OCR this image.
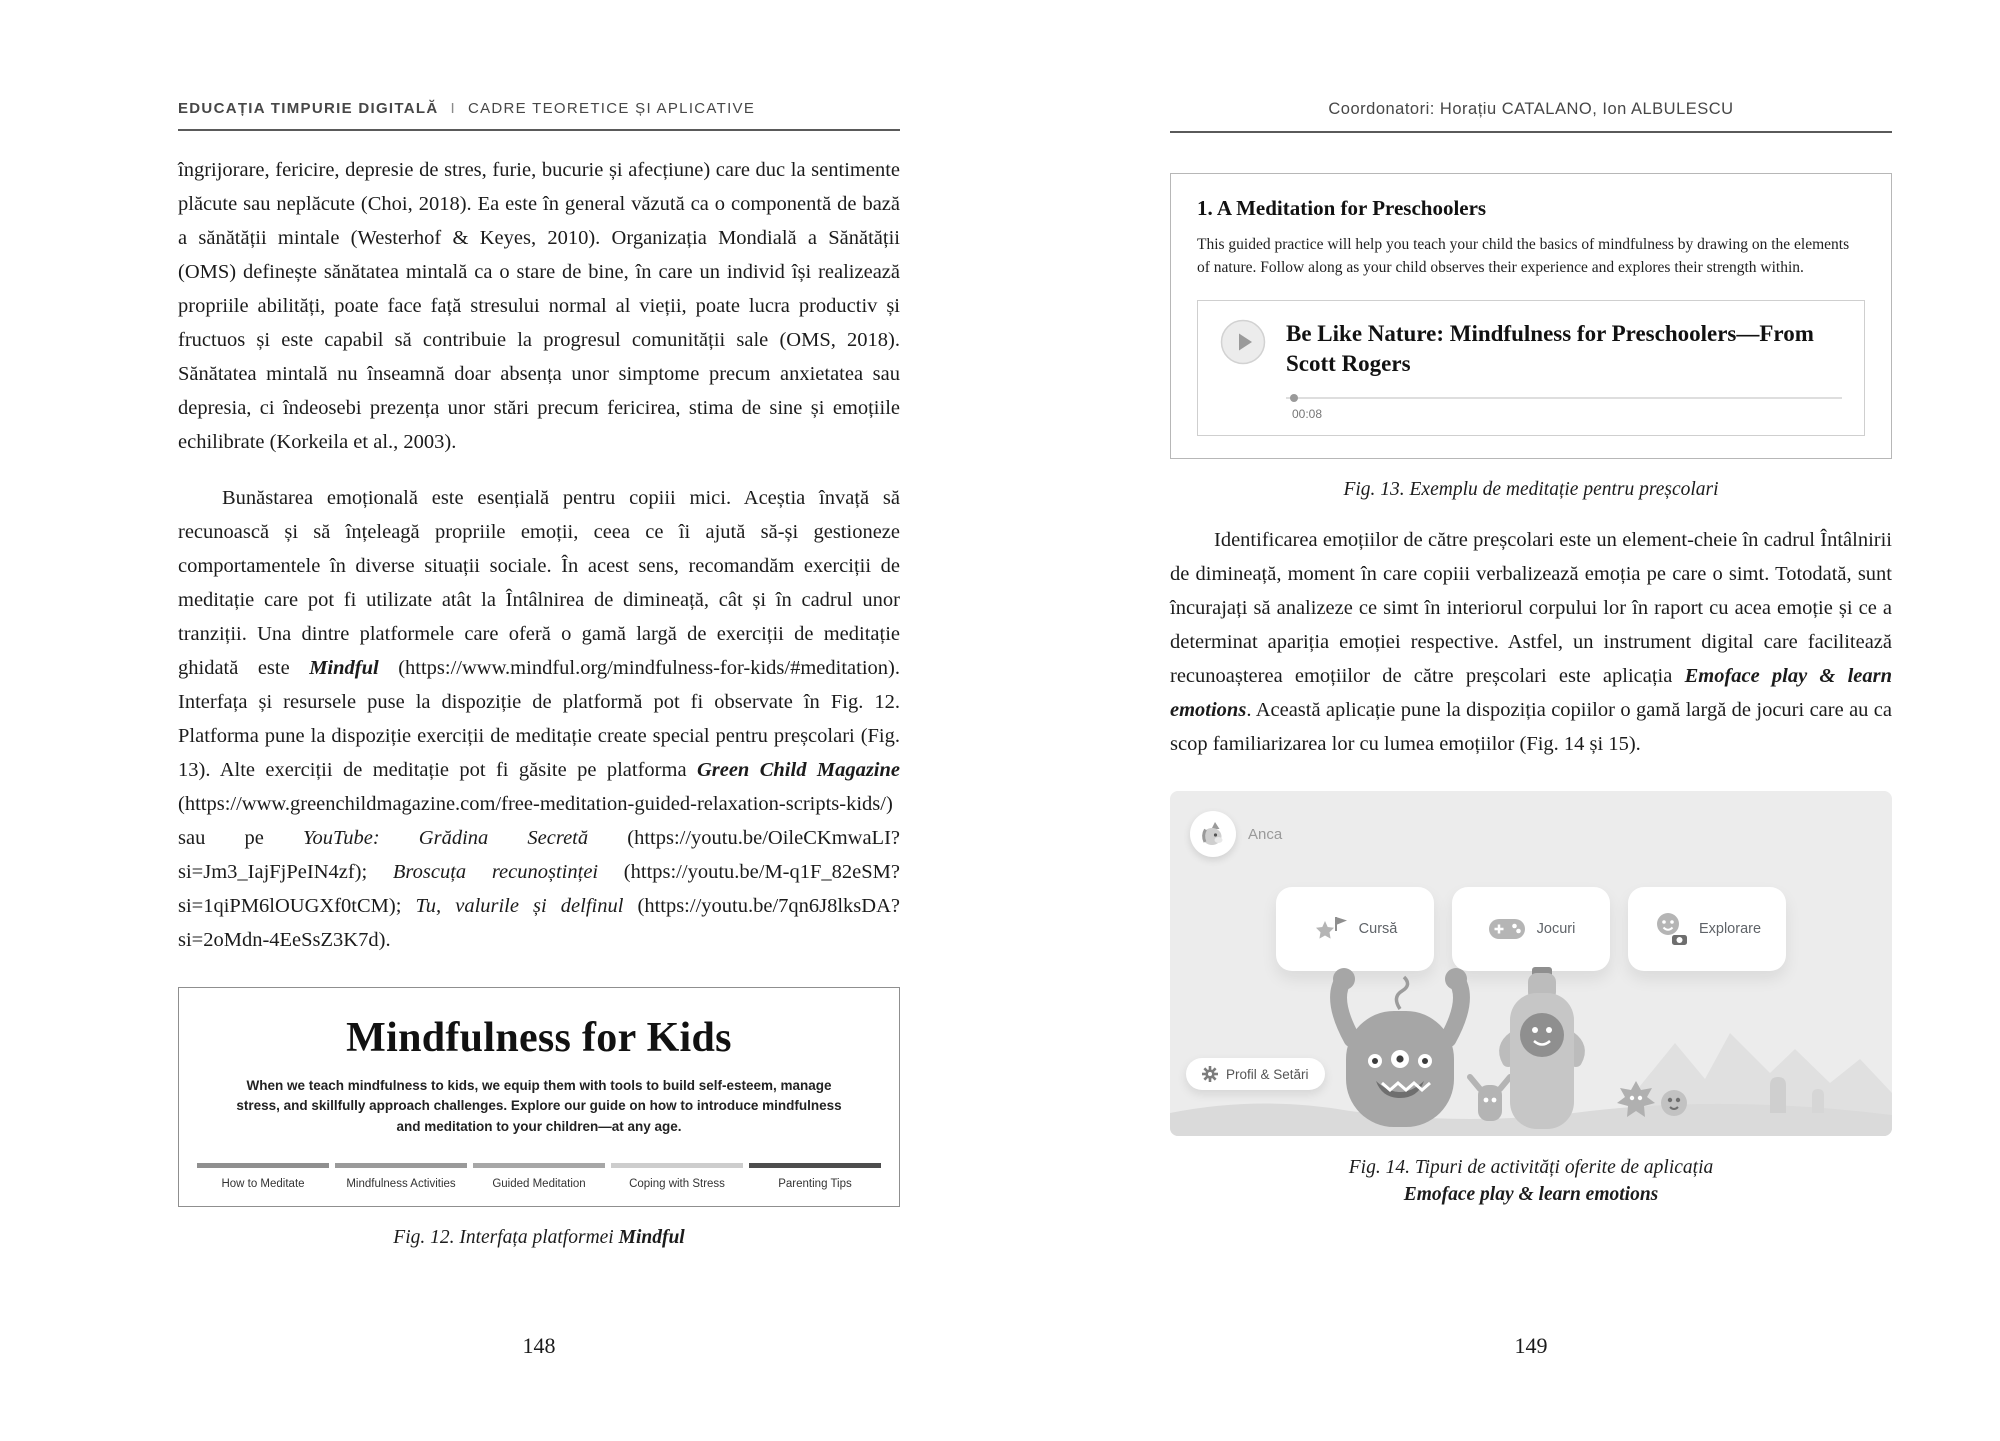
EDUCAȚIA TIMPURIE DIGITALĂ I CADRE TEORETICE ȘI APLICATIVE

îngrijorare, fericire, depresie de stres, furie, bucurie și afecțiune) care duc la sentimente plăcute sau neplăcute (Choi, 2018). Ea este în general văzută ca o componentă de bază a sănătății mintale (Westerhof & Keyes, 2010). Organizația Mondială a Sănătății (OMS) definește sănătatea mintală ca o stare de bine, în care un individ își realizează propriile abilități, poate face față stresului normal al vieții, poate lucra productiv și fructuos și este capabil să contribuie la progresul comunității sale (OMS, 2018). Sănătatea mintală nu înseamnă doar absența unor simptome precum anxietatea sau depresia, ci îndeosebi prezența unor stări precum fericirea, stima de sine și emoțiile echilibrate (Korkeila et al., 2003).

Bunăstarea emoțională este esențială pentru copiii mici. Aceștia învață să recunoască și să înțeleagă propriile emoții, ceea ce îi ajută să-și gestioneze comportamentele în diverse situații sociale. În acest sens, recomandăm exerciții de meditație care pot fi utilizate atât la Întâlnirea de dimineață, cât și în cadrul unor tranziții. Una dintre platformele care oferă o gamă largă de exerciții de meditație ghidată este Mindful (https://www.mindful.org/mindfulness-for-kids/#meditation). Interfața și resursele puse la dispoziție de platformă pot fi observate în Fig. 12. Platforma pune la dispoziție exerciții de meditație create special pentru preșcolari (Fig. 13). Alte exerciții de meditație pot fi găsite pe platforma Green Child Magazine (https://www.greenchildmagazine.com/free-meditation-guided-relaxation-scripts-kids/) sau pe YouTube: Grădina Secretă (https://youtu.be/OileCKmwaLI?si=Jm3_IajFjPeIN4zf); Broscuța recunoștinței (https://youtu.be/M-q1F_82eSM?si=1qiPM6lOUGXf0tCM); Tu, valurile și delfinul (https://youtu.be/7qn6J8lksDA?si=2oMdn-4EeSsZ3K7d).

Mindfulness for Kids
When we teach mindfulness to kids, we equip them with tools to build self-esteem, manage stress, and skillfully approach challenges. Explore our guide on how to introduce mindfulness and meditation to your children—at any age.
How to Meditate	Mindfulness Activities	Guided Meditation	Coping with Stress	Parenting Tips
Fig. 12. Interfața platformei Mindful
148
Coordonatori: Horațiu CATALANO, Ion ALBULESCU
1. A Meditation for Preschoolers
This guided practice will help you teach your child the basics of mindfulness by drawing on the elements of nature. Follow along as your child observes their experience and explores their strength within.
Be Like Nature: Mindfulness for Preschoolers—From Scott Rogers
00:08
Fig. 13. Exemplu de meditație pentru preșcolari

Identificarea emoțiilor de către preșcolari este un element-cheie în cadrul Întâlnirii de dimineață, moment în care copiii verbalizează emoția pe care o simt. Totodată, sunt încurajați să analizeze ce simt în interiorul corpului lor în raport cu acea emoție și ce a determinat apariția emoției respective. Astfel, un instrument digital care facilitează recunoașterea emoțiilor de către preșcolari este aplicația Emoface play & learn emotions. Această aplicație pune la dispoziția copiilor o gamă largă de jocuri care au ca scop familiarizarea lor cu lumea emoțiilor (Fig. 14 și 15).

Anca
Cursă	Jocuri	Explorare
Profil & Setări
Fig. 14. Tipuri de activități oferite de aplicația
Emoface play & learn emotions
149
